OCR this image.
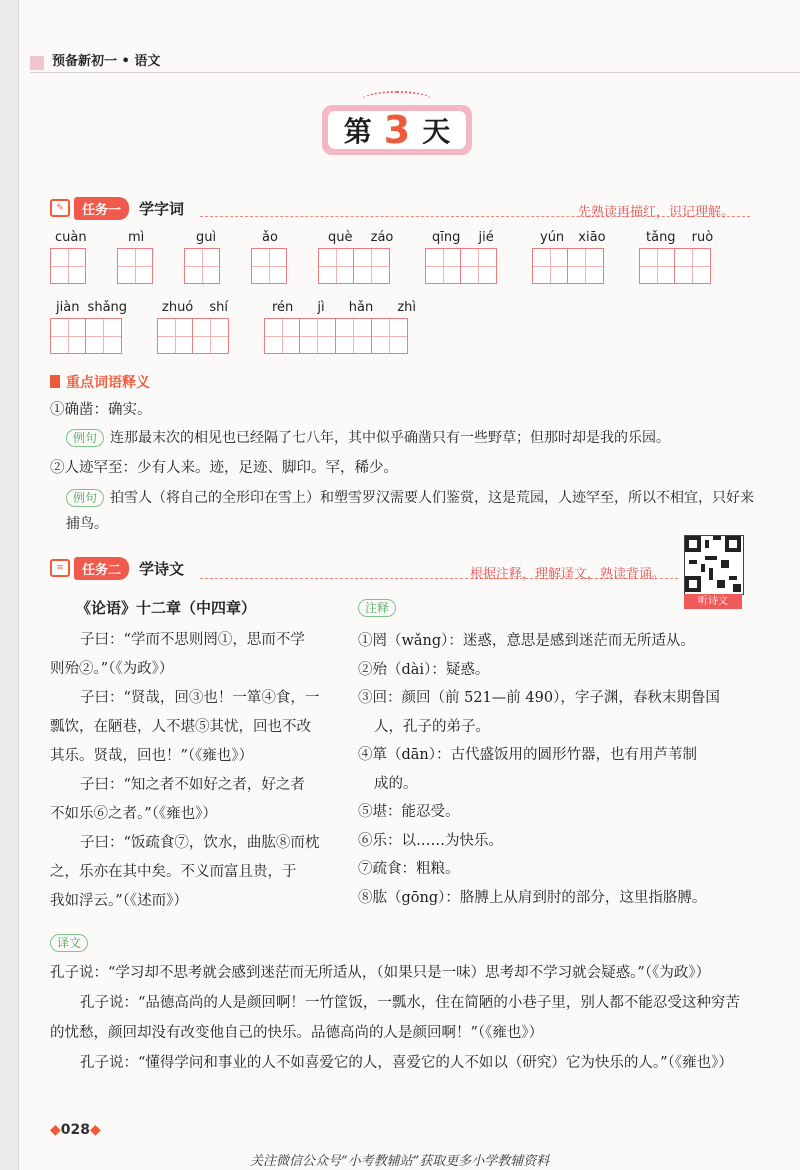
预备新初一 • 语文
第 3 天
✎	任务一	学字词	先熟读再描红，识记理解。
cuàn	mì	guì	ǎo	què záo	qīng jié	yún xiāo	tǎng ruò
jiàn shǎng	zhuó shí	rén jì hǎn zhì
重点词语释义
①确凿：确实。
例句 连那最末次的相见也已经隔了七八年，其中似乎确凿只有一些野草；但那时却是我的乐园。
②人迹罕至：少有人来。迹，足迹、脚印。罕，稀少。
例句 拍雪人（将自己的全形印在雪上）和塑雪罗汉需要人们鉴赏，这是荒园，人迹罕至，所以不相宜，只好来捕鸟。
≡	任务二	学诗文	根据注释，理解译文，熟读背诵。
听诗文
《论语》十二章（中四章）
子曰：“学而不思则罔①，思而不学
则殆②。”（《为政》）
子曰：“贤哉，回③也！一箪④食，一
瓢饮，在陋巷，人不堪⑤其忧，回也不改
其乐。贤哉，回也！”（《雍也》）
子曰：“知之者不如好之者，好之者
不如乐⑥之者。”（《雍也》）
子曰：“饭疏食⑦，饮水，曲肱⑧而枕
之，乐亦在其中矣。不义而富且贵，于
我如浮云。”（《述而》）
注释
①罔（wǎng）：迷惑，意思是感到迷茫而无所适从。
②殆（dài）：疑惑。
③回：颜回（前 521—前 490），字子渊，春秋末期鲁国
人，孔子的弟子。
④箪（dān）：古代盛饭用的圆形竹器，也有用芦苇制
成的。
⑤堪：能忍受。
⑥乐：以……为快乐。
⑦疏食：粗粮。
⑧肱（gōng）：胳膊上从肩到肘的部分，这里指胳膊。
译文孔子说：“学习却不思考就会感到迷茫而无所适从，（如果只是一味）思考却不学习就会疑惑。”（《为政》）
孔子说：“品德高尚的人是颜回啊！一竹筐饭，一瓢水，住在简陋的小巷子里，别人都不能忍受这种穷苦的忧愁，颜回却没有改变他自己的快乐。品德高尚的人是颜回啊！”（《雍也》）
孔子说：“懂得学问和事业的人不如喜爱它的人，喜爱它的人不如以（研究）它为快乐的人。”（《雍也》）
◆028◆
关注微信公众号“小考教辅站”获取更多小学教辅资料
